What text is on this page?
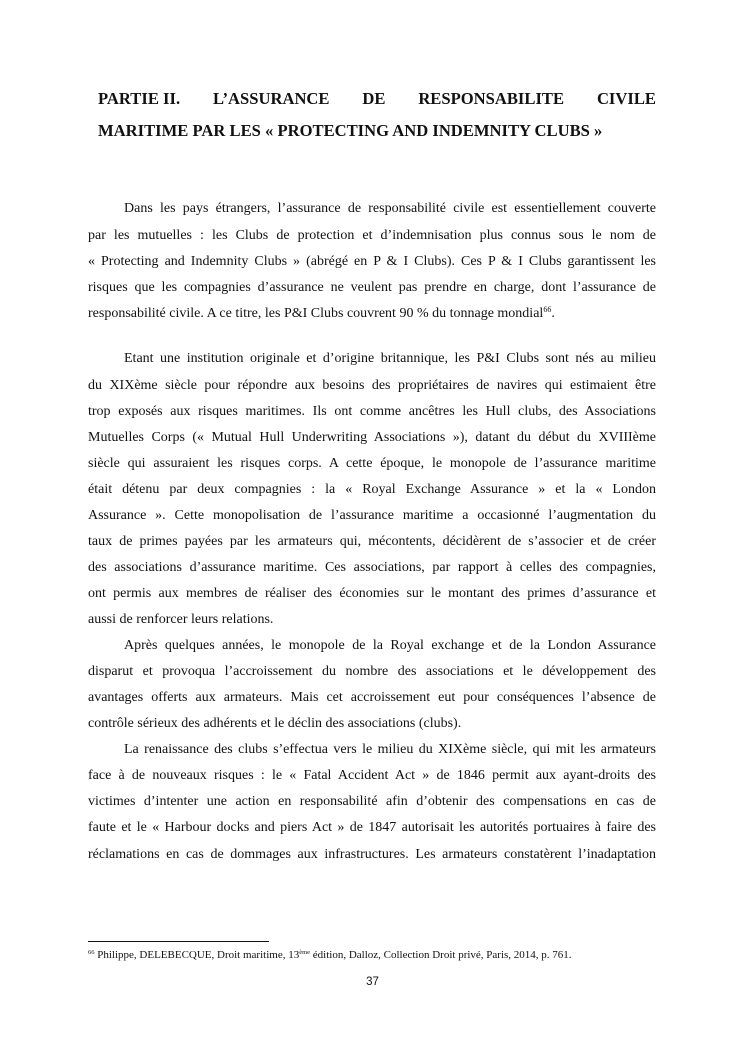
PARTIE II. L’ASSURANCE DE RESPONSABILITE CIVILE
MARITIME PAR LES « PROTECTING AND INDEMNITY CLUBS »
Dans les pays étrangers, l’assurance de responsabilité civile est essentiellement couverte
par les mutuelles : les Clubs de protection et d’indemnisation plus connus sous le nom de
« Protecting and Indemnity Clubs » (abrégé en P & I Clubs). Ces P & I Clubs garantissent les
risques que les compagnies d’assurance ne veulent pas prendre en charge, dont l’assurance de
responsabilité civile. A ce titre, les P&I Clubs couvrent 90 % du tonnage mondial$^{66}$.
Etant une institution originale et d’origine britannique, les P&I Clubs sont nés au milieu
du XIXème siècle pour répondre aux besoins des propriétaires de navires qui estimaient être
trop exposés aux risques maritimes. Ils ont comme ancêtres les Hull clubs, des Associations
Mutuelles Corps (« Mutual Hull Underwriting Associations »), datant du début du XVIIIème
siècle qui assuraient les risques corps. A cette époque, le monopole de l’assurance maritime
était détenu par deux compagnies : la « Royal Exchange Assurance » et la « London
Assurance ». Cette monopolisation de l’assurance maritime a occasionné l’augmentation du
taux de primes payées par les armateurs qui, mécontents, décidèrent de s’associer et de créer
des associations d’assurance maritime. Ces associations, par rapport à celles des compagnies,
ont permis aux membres de réaliser des économies sur le montant des primes d’assurance et
aussi de renforcer leurs relations.
Après quelques années, le monopole de la Royal exchange et de la London Assurance
disparut et provoqua l’accroissement du nombre des associations et le développement des
avantages offerts aux armateurs. Mais cet accroissement eut pour conséquences l’absence de
contrôle sérieux des adhérents et le déclin des associations (clubs).
La renaissance des clubs s’effectua vers le milieu du XIXème siècle, qui mit les armateurs
face à de nouveaux risques : le « Fatal Accident Act » de 1846 permit aux ayant-droits des
victimes d’intenter une action en responsabilité afin d’obtenir des compensations en cas de
faute et le « Harbour docks and piers Act » de 1847 autorisait les autorités portuaires à faire des
réclamations en cas de dommages aux infrastructures. Les armateurs constatèrent l’inadaptation
$^{66}$ Philippe, DELEBECQUE, Droit maritime, 13ème édition, Dalloz, Collection Droit privé, Paris, 2014, p. 761.
37
